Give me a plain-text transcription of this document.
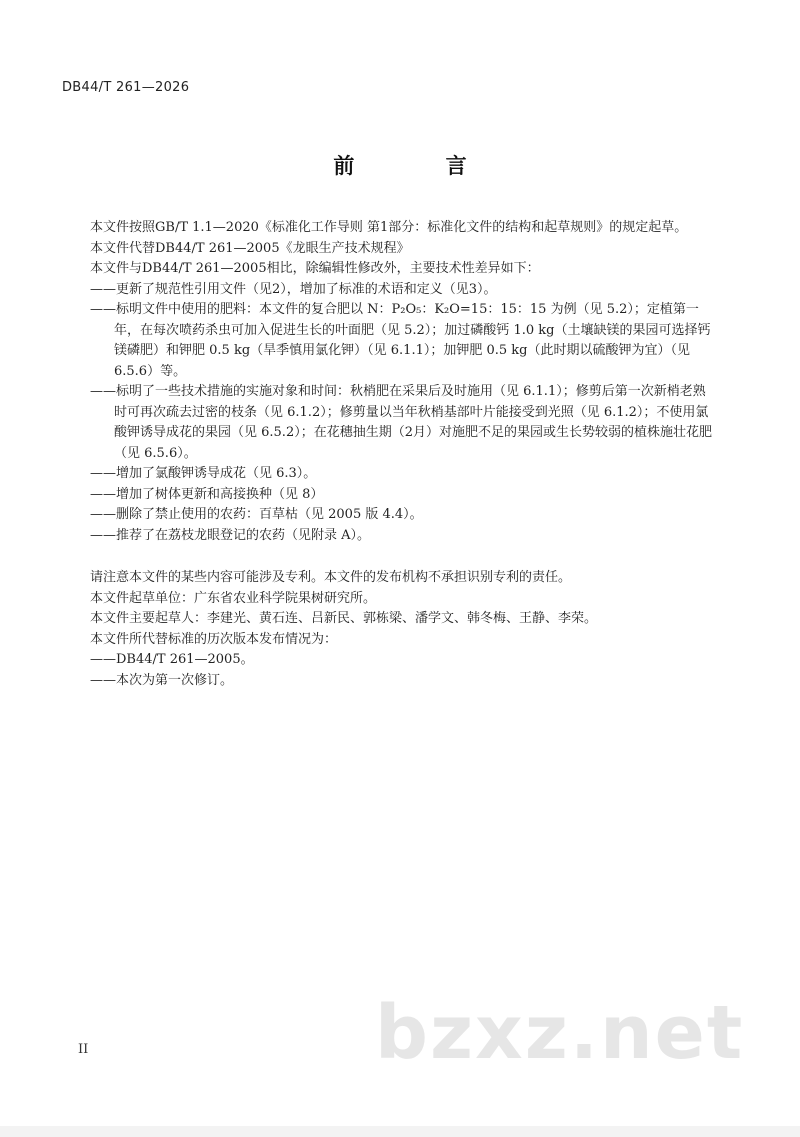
DB44/T 261—2026
前 言

本文件按照GB/T 1.1—2020《标准化工作导则 第1部分：标准化文件的结构和起草规则》的规定起草。

本文件代替DB44/T 261—2005《龙眼生产技术规程》

本文件与DB44/T 261—2005相比，除编辑性修改外，主要技术性差异如下：

——更新了规范性引用文件（见2），增加了标准的术语和定义（见3）。

——标明文件中使用的肥料：本文件的复合肥以 N：P₂O₅：K₂O=15：15：15 为例（见 5.2）；定植第一年，在每次喷药杀虫可加入促进生长的叶面肥（见 5.2）；加过磷酸钙 1.0 kg（土壤缺镁的果园可选择钙镁磷肥）和钾肥 0.5 kg（旱季慎用氯化钾）（见 6.1.1）；加钾肥 0.5 kg（此时期以硫酸钾为宜）（见 6.5.6）等。

——标明了一些技术措施的实施对象和时间：秋梢肥在采果后及时施用（见 6.1.1）；修剪后第一次新梢老熟时可再次疏去过密的枝条（见 6.1.2）；修剪量以当年秋梢基部叶片能接受到光照（见 6.1.2）；不使用氯酸钾诱导成花的果园（见 6.5.2）；在花穗抽生期（2月）对施肥不足的果园或生长势较弱的植株施壮花肥（见 6.5.6）。

——增加了氯酸钾诱导成花（见 6.3）。

——增加了树体更新和高接换种（见 8）

——删除了禁止使用的农药：百草枯（见 2005 版 4.4）。

——推荐了在荔枝龙眼登记的农药（见附录 A）。

请注意本文件的某些内容可能涉及专利。本文件的发布机构不承担识别专利的责任。

本文件起草单位：广东省农业科学院果树研究所。

本文件主要起草人：李建光、黄石连、吕新民、郭栋梁、潘学文、韩冬梅、王静、李荣。

本文件所代替标准的历次版本发布情况为：

——DB44/T 261—2005。

——本次为第一次修订。

II	bzxz.net
